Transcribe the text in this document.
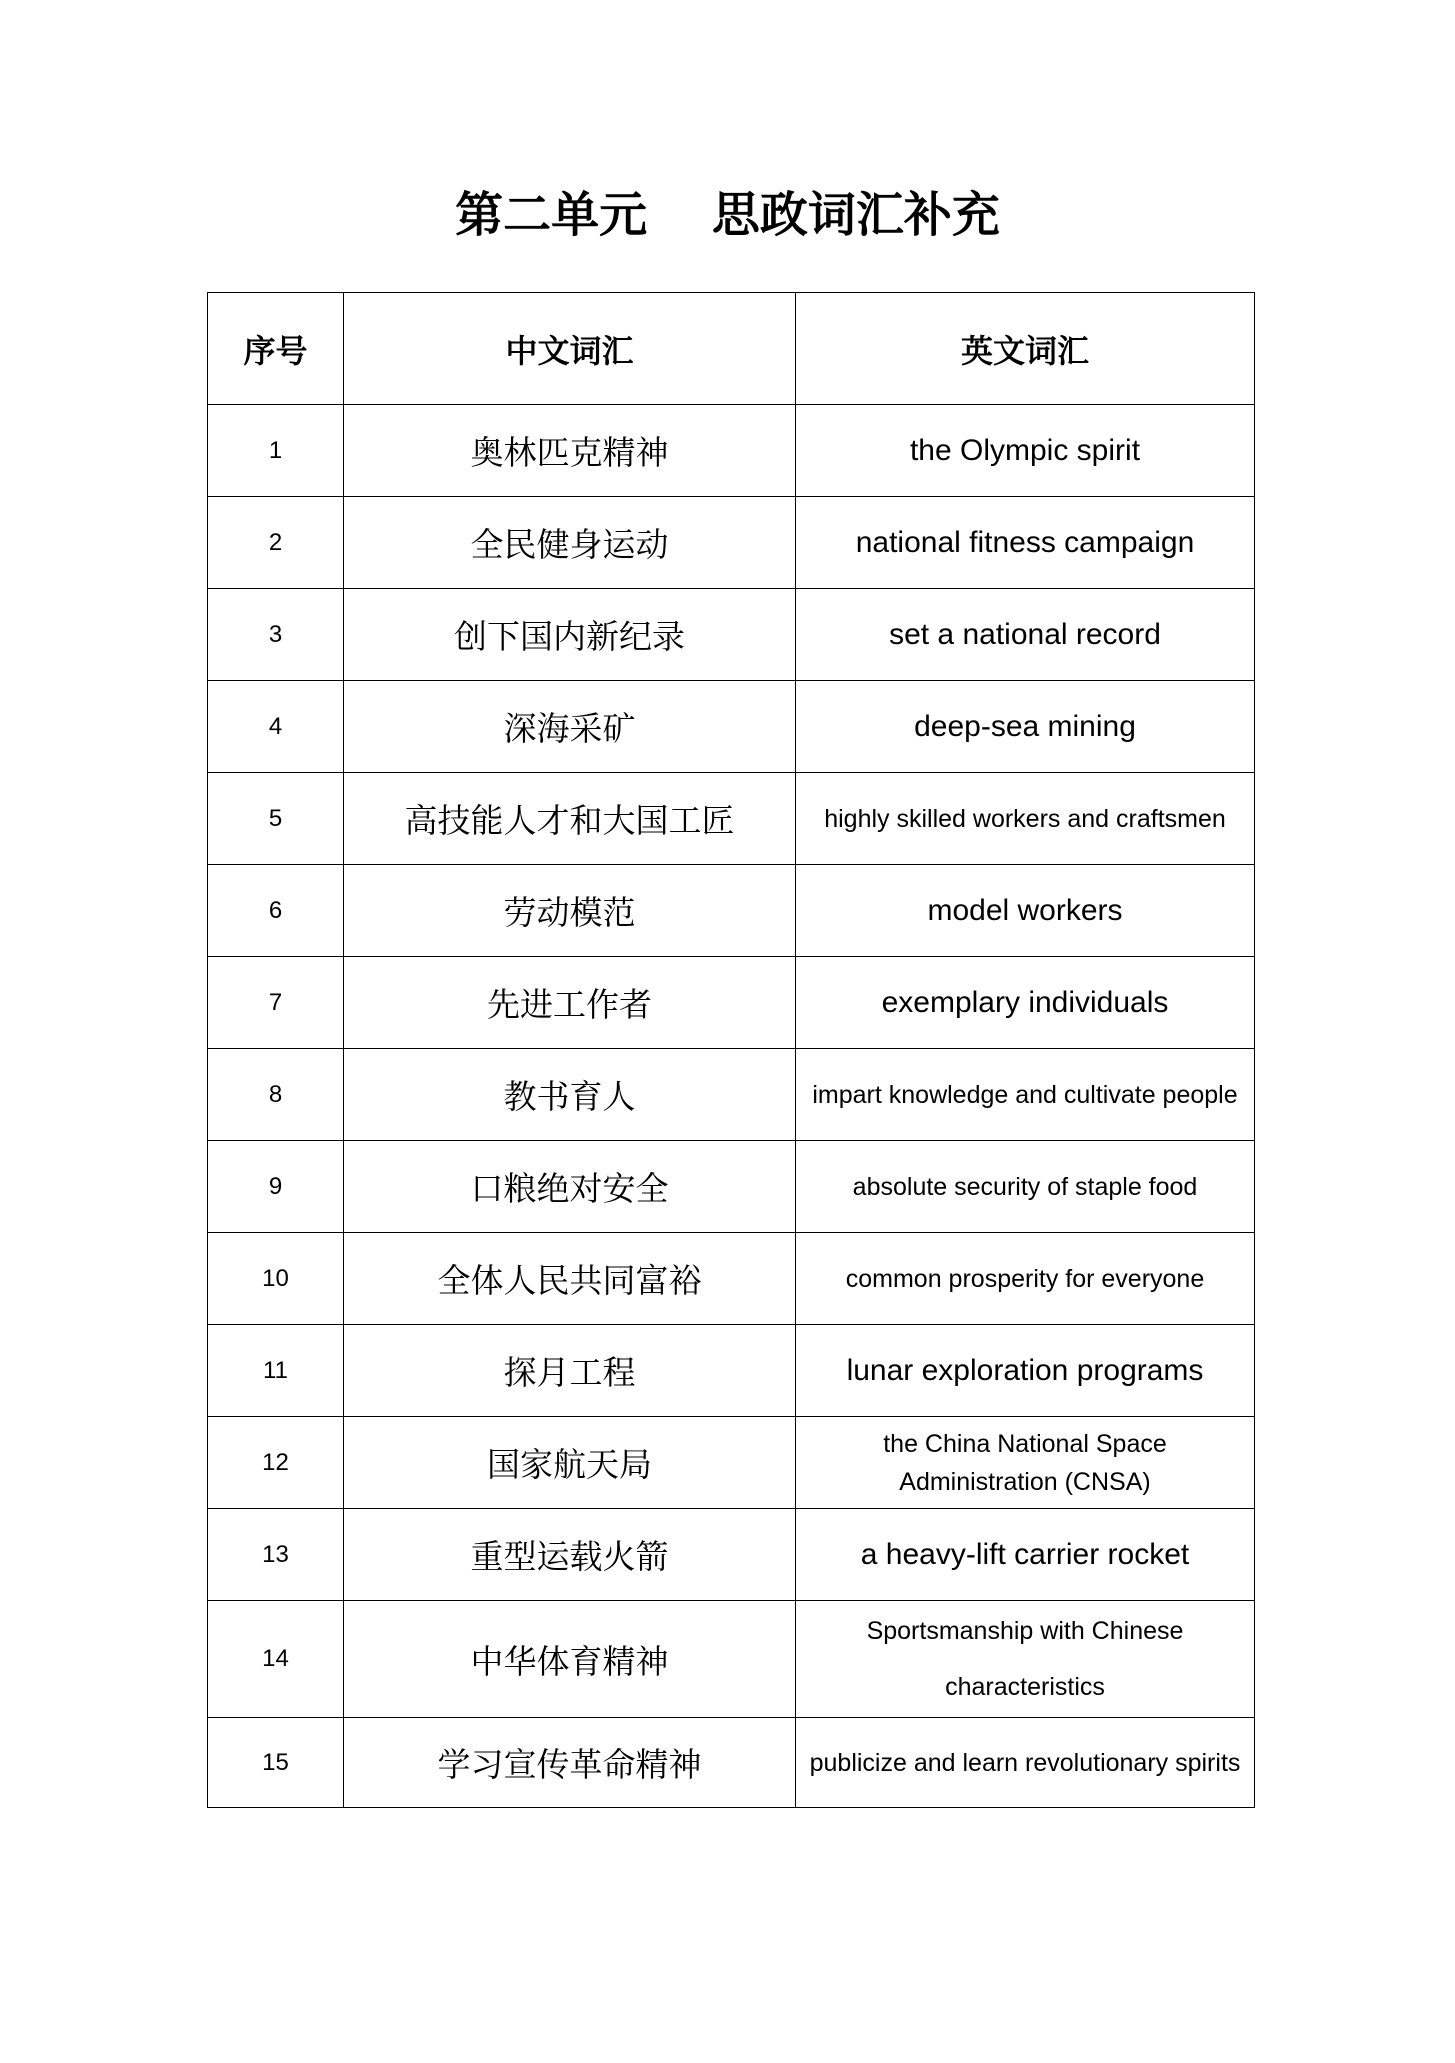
第二单元　 思政词汇补充
序号	中文词汇	英文词汇
1	奥林匹克精神	the Olympic spirit
2	全民健身运动	national fitness campaign
3	创下国内新纪录	set a national record
4	深海采矿	deep-sea mining
5	高技能人才和大国工匠	highly skilled workers and craftsmen
6	劳动模范	model workers
7	先进工作者	exemplary individuals
8	教书育人	impart knowledge and cultivate people
9	口粮绝对安全	absolute security of staple food
10	全体人民共同富裕	common prosperity for everyone
11	探月工程	lunar exploration programs
12	国家航天局	the China National Space Administration (CNSA)
13	重型运载火箭	a heavy-lift carrier rocket
14	中华体育精神	Sportsmanship with Chinese characteristics
15	学习宣传革命精神	publicize and learn revolutionary spirits
